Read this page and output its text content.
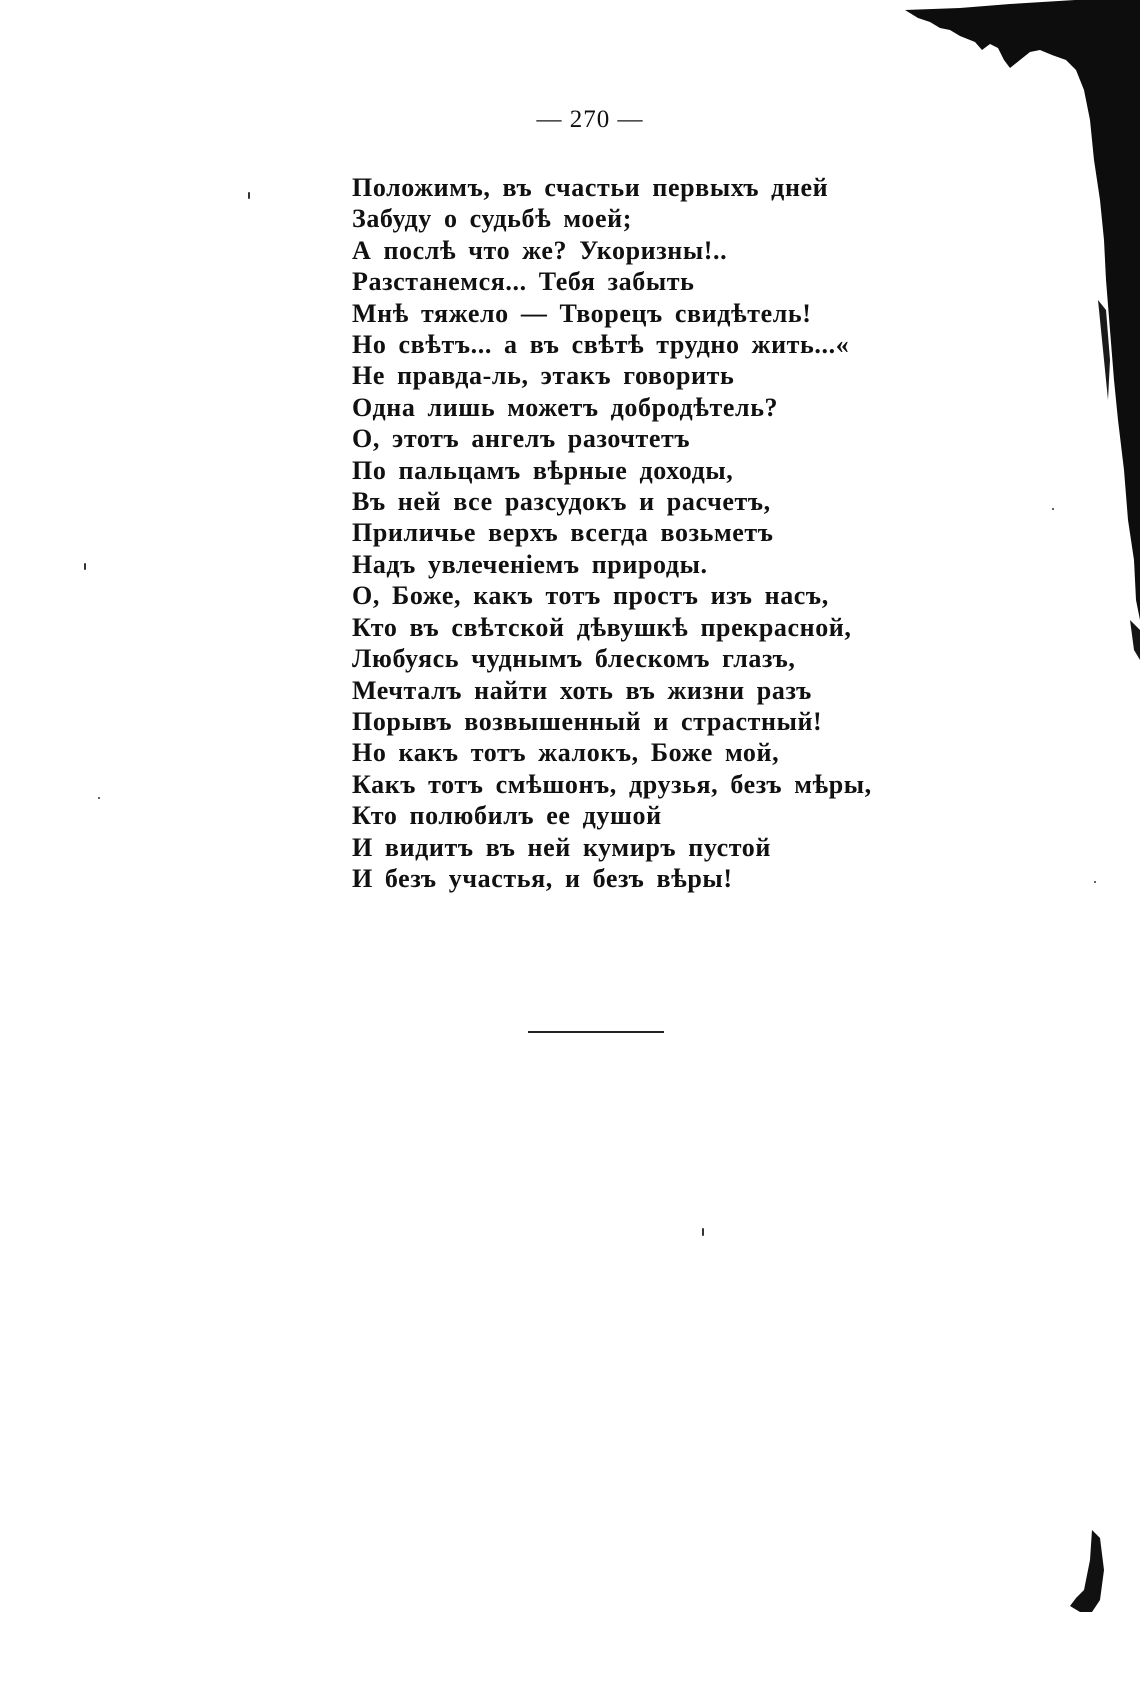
— 270 —
Положимъ, въ счастьи первыхъ дней
Забуду о судьбѣ моей;
А послѣ что же? Укоризны!..
Разстанемся... Тебя забыть
Мнѣ тяжело — Творецъ свидѣтель!
Но свѣтъ... а въ свѣтѣ трудно жить...«
Не правда-ль, этакъ говорить
Одна лишь можетъ добродѣтель?
О, этотъ ангелъ разочтетъ
По пальцамъ вѣрные доходы,
Въ ней все разсудокъ и расчетъ,
Приличье верхъ всегда возьметъ
Надъ увлеченіемъ природы.
О, Боже, какъ тотъ простъ изъ насъ,
Кто въ свѣтской дѣвушкѣ прекрасной,
Любуясь чуднымъ блескомъ глазъ,
Мечталъ найти хоть въ жизни разъ
Порывъ возвышенный и страстный!
Но какъ тотъ жалокъ, Боже мой,
Какъ тотъ смѣшонъ, друзья, безъ мѣры,
Кто полюбилъ ее душой
И видитъ въ ней кумиръ пустой
И безъ участья, и безъ вѣры!
